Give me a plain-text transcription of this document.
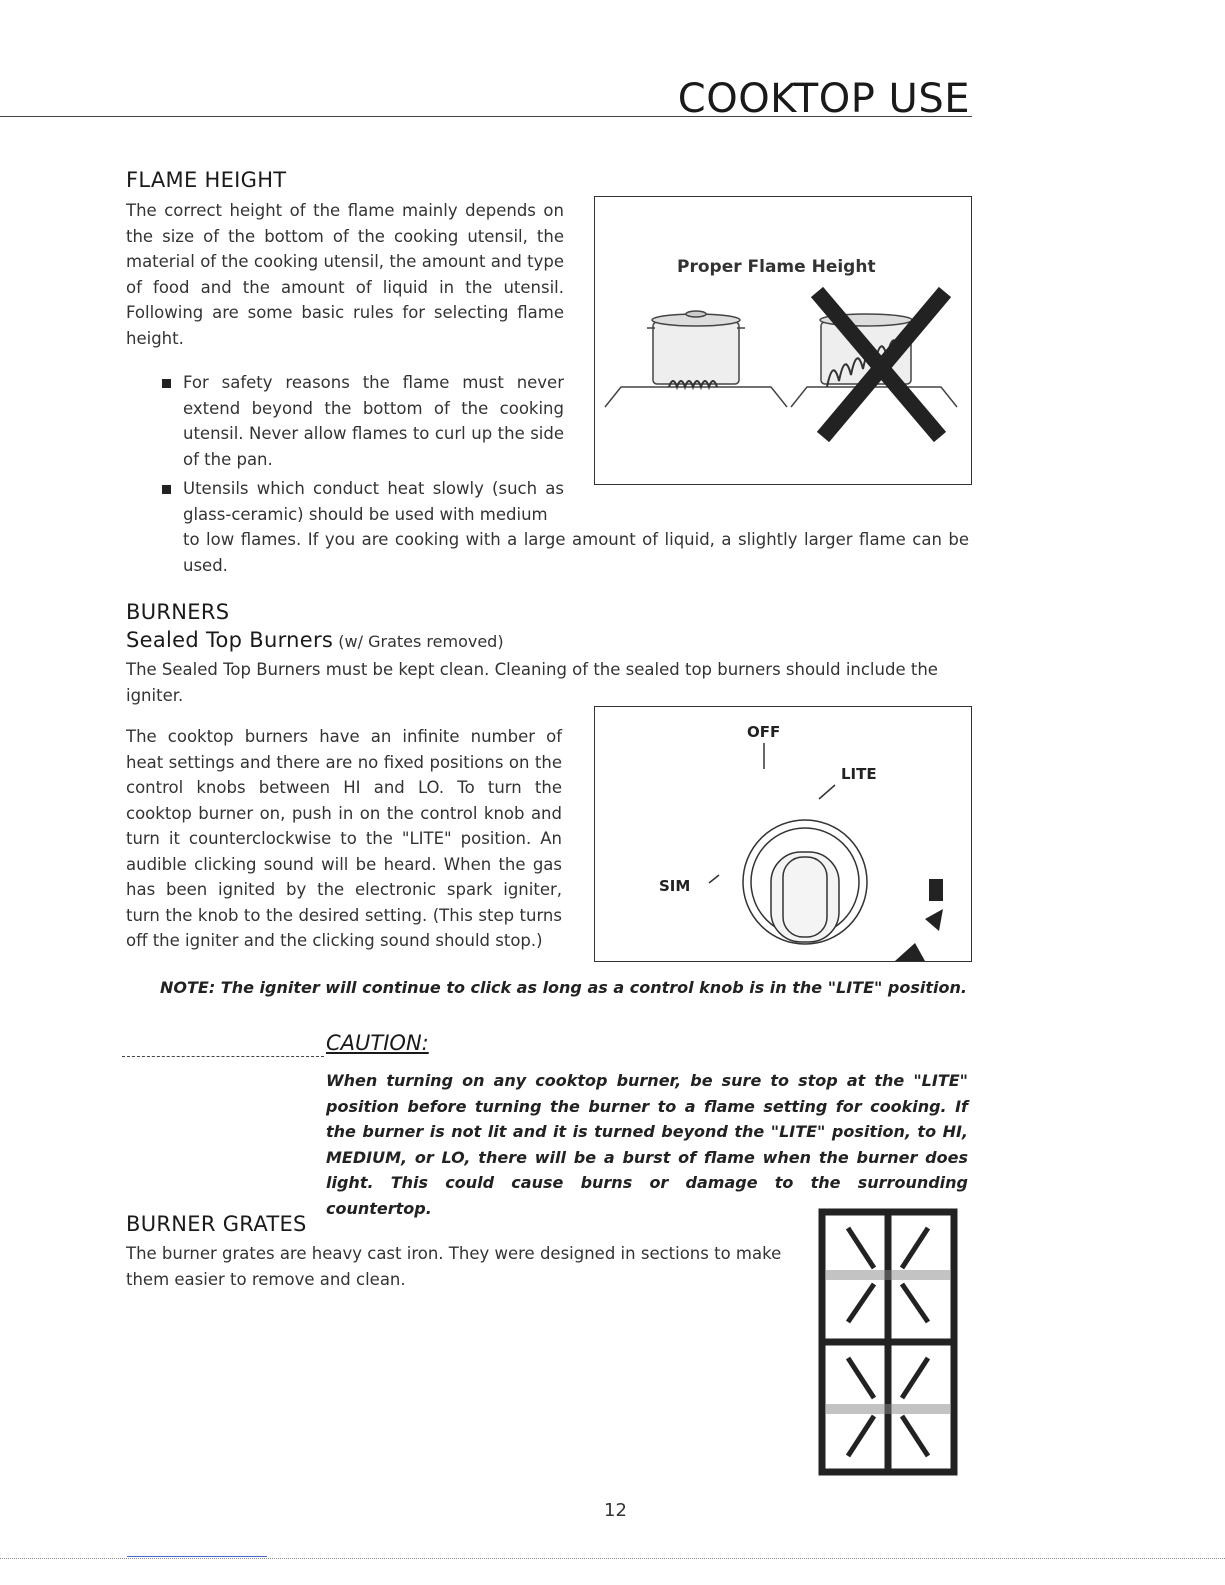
COOKTOP USE
FLAME HEIGHT
The correct height of the flame mainly depends on the size of the bottom of the cooking utensil, the material of the cooking utensil, the amount and type of food and the amount of liquid in the utensil. Following are some basic rules for selecting flame height.
For safety reasons the flame must never extend beyond the bottom of the cooking utensil. Never allow flames to curl up the side of the pan.
Utensils which conduct heat slowly (such as glass-ceramic) should be used with medium
to low flames. If you are cooking with a large amount of liquid, a slightly larger flame can be used.
Proper Flame Height
BURNERS
Sealed Top Burners (w/ Grates removed)
The Sealed Top Burners must be kept clean. Cleaning of the sealed top burners should include the igniter.
The cooktop burners have an infinite number of heat settings and there are no fixed positions on the control knobs between HI and LO. To turn the cooktop burner on, push in on the control knob and turn it counterclockwise to the "LITE" position. An audible clicking sound will be heard. When the gas has been ignited by the electronic spark igniter, turn the knob to the desired setting. (This step turns off the igniter and the clicking sound should stop.)
OFF
LITE
SIM
NOTE: The igniter will continue to click as long as a control knob is in the "LITE" position.
CAUTION:
When turning on any cooktop burner, be sure to stop at the "LITE" position before turning the burner to a flame setting for cooking. If the burner is not lit and it is turned beyond the "LITE" position, to HI, MEDIUM, or LO, there will be a burst of flame when the burner does light. This could cause burns or damage to the surrounding countertop.
BURNER GRATES
The burner grates are heavy cast iron. They were designed in sections to make them easier to remove and clean.
12
